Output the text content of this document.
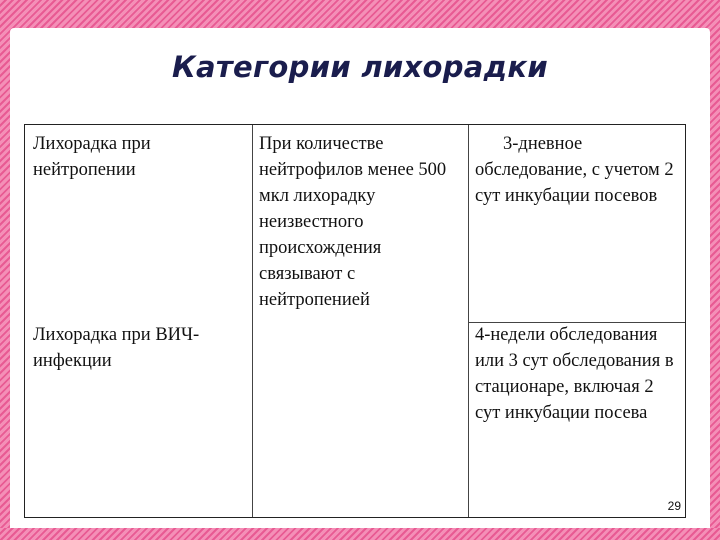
Категории лихорадки
Лихорадка при нейтропении
При количестве нейтрофилов менее 500 мкл лихорадку неизвестного происхождения связывают с нейтропенией
3-дневное обследование, с учетом 2 сут инкубации посевов
Лихорадка при ВИЧ-инфекции
4-недели обследования или 3 сут обследования в стационаре, включая 2 сут инкубации посева
29
